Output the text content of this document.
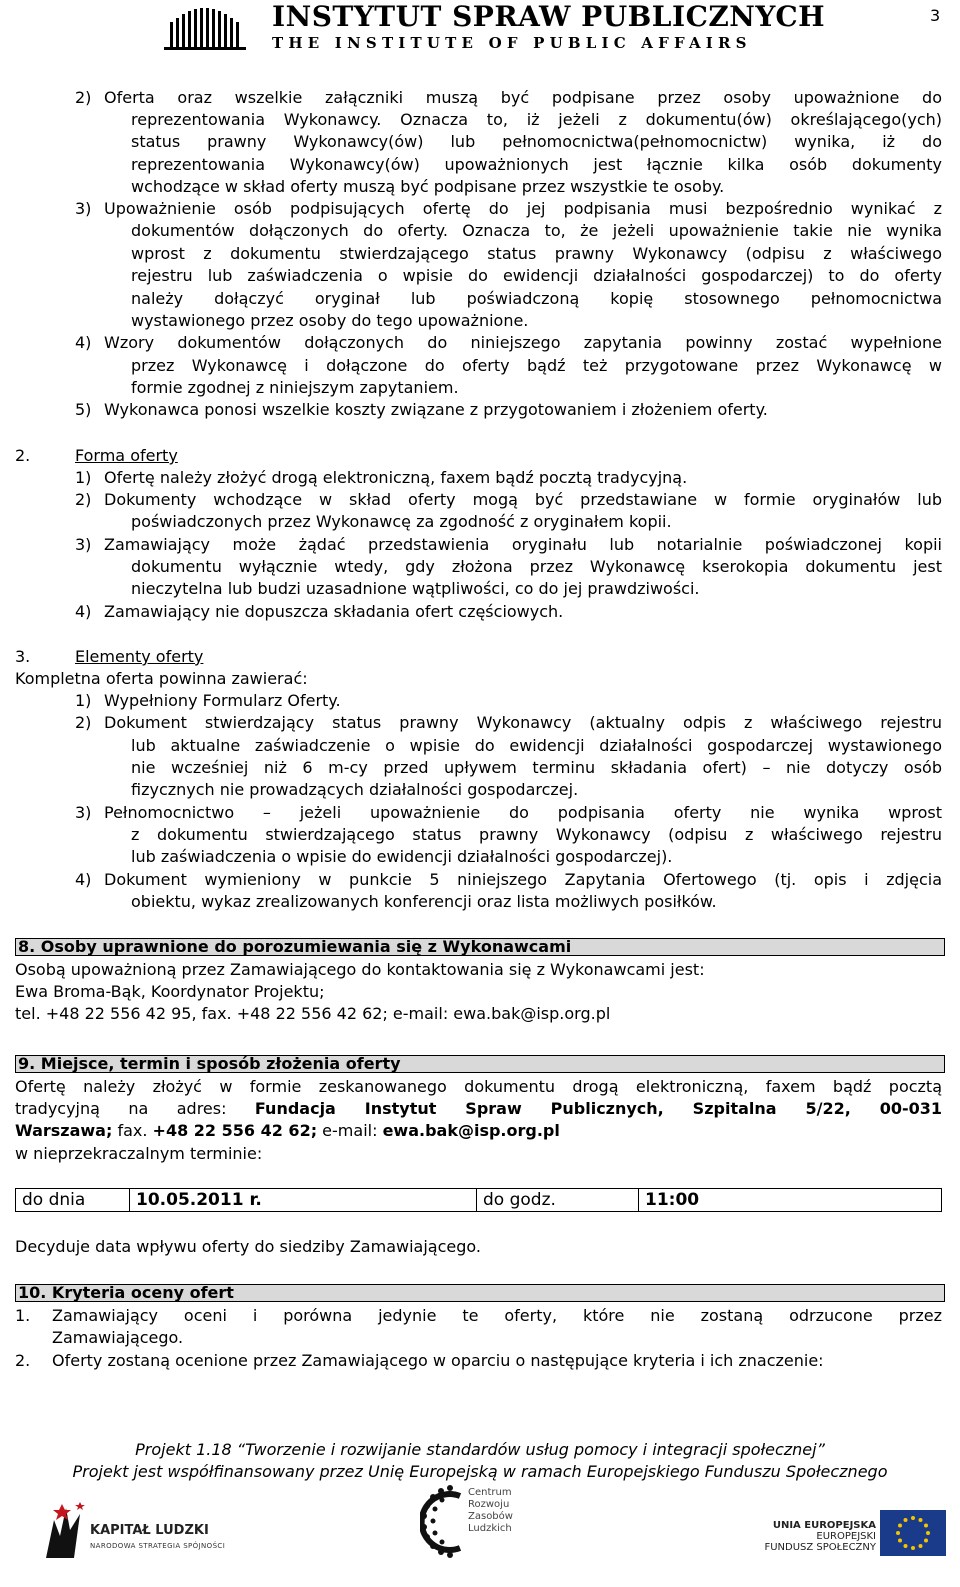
INSTYTUT SPRAW PUBLICZNYCH
THE INSTITUTE OF PUBLIC AFFAIRS
3
2) Oferta oraz wszelkie załączniki muszą być podpisane przez osoby upoważnione do
reprezentowania Wykonawcy. Oznacza to, iż jeżeli z dokumentu(ów) określającego(ych)
status prawny Wykonawcy(ów) lub pełnomocnictwa(pełnomocnictw) wynika, iż do
reprezentowania Wykonawcy(ów) upoważnionych jest łącznie kilka osób dokumenty
wchodzące w skład oferty muszą być podpisane przez wszystkie te osoby.
3) Upoważnienie osób podpisujących ofertę do jej podpisania musi bezpośrednio wynikać z
dokumentów dołączonych do oferty. Oznacza to, że jeżeli upoważnienie takie nie wynika
wprost z dokumentu stwierdzającego status prawny Wykonawcy (odpisu z właściwego
rejestru lub zaświadczenia o wpisie do ewidencji działalności gospodarczej) to do oferty
należy dołączyć oryginał lub poświadczoną kopię stosownego pełnomocnictwa
wystawionego przez osoby do tego upoważnione.
4) Wzory dokumentów dołączonych do niniejszego zapytania powinny zostać wypełnione
przez Wykonawcę i dołączone do oferty bądź też przygotowane przez Wykonawcę w
formie zgodnej z niniejszym zapytaniem.
5) Wykonawca ponosi wszelkie koszty związane z przygotowaniem i złożeniem oferty.
2.	Forma oferty
1) Ofertę należy złożyć drogą elektroniczną, faxem bądź pocztą tradycyjną.
2) Dokumenty wchodzące w skład oferty mogą być przedstawiane w formie oryginałów lub
poświadczonych przez Wykonawcę za zgodność z oryginałem kopii.
3) Zamawiający może żądać przedstawienia oryginału lub notarialnie poświadczonej kopii
dokumentu wyłącznie wtedy, gdy złożona przez Wykonawcę kserokopia dokumentu jest
nieczytelna lub budzi uzasadnione wątpliwości, co do jej prawdziwości.
4) Zamawiający nie dopuszcza składania ofert częściowych.
3.	Elementy oferty
Kompletna oferta powinna zawierać:
1) Wypełniony Formularz Oferty.
2) Dokument stwierdzający status prawny Wykonawcy (aktualny odpis z właściwego rejestru
lub aktualne zaświadczenie o wpisie do ewidencji działalności gospodarczej wystawionego
nie wcześniej niż 6 m-cy przed upływem terminu składania ofert) – nie dotyczy osób
fizycznych nie prowadzących działalności gospodarczej.
3) Pełnomocnictwo – jeżeli upoważnienie do podpisania oferty nie wynika wprost
z dokumentu stwierdzającego status prawny Wykonawcy (odpisu z właściwego rejestru
lub zaświadczenia o wpisie do ewidencji działalności gospodarczej).
4) Dokument wymieniony w punkcie 5 niniejszego Zapytania Ofertowego (tj. opis i zdjęcia
obiektu, wykaz zrealizowanych konferencji oraz lista możliwych posiłków.
8. Osoby uprawnione do porozumiewania się z Wykonawcami
Osobą upoważnioną przez Zamawiającego do kontaktowania się z Wykonawcami jest:
Ewa Broma-Bąk, Koordynator Projektu;
tel. +48 22 556 42 95, fax. +48 22 556 42 62; e-mail: ewa.bak@isp.org.pl
9. Miejsce, termin i sposób złożenia oferty
Ofertę należy złożyć w formie zeskanowanego dokumentu drogą elektroniczną, faxem bądź pocztą
tradycyjną na adres: Fundacja Instytut Spraw Publicznych, Szpitalna 5/22, 00-031
Warszawa; fax. +48 22 556 42 62; e-mail: ewa.bak@isp.org.pl
w nieprzekraczalnym terminie:
do dnia	10.05.2011 r.	do godz.	11:00
Decyduje data wpływu oferty do siedziby Zamawiającego.
10. Kryteria oceny ofert
1. Zamawiający oceni i porówna jedynie te oferty, które nie zostaną odrzucone przez
Zamawiającego.
2. Oferty zostaną ocenione przez Zamawiającego w oparciu o następujące kryteria i ich znaczenie:
Projekt 1.18 “Tworzenie i rozwijanie standardów usług pomocy i integracji społecznej”
Projekt jest współfinansowany przez Unię Europejską w ramach Europejskiego Funduszu Społecznego
KAPITAŁ LUDZKI
NARODOWA STRATEGIA SPÓJNOŚCI
Centrum
Rozwoju
Zasobów
Ludzkich	UNIA EUROPEJSKA
EUROPEJSKI
FUNDUSZ SPOŁECZNY
